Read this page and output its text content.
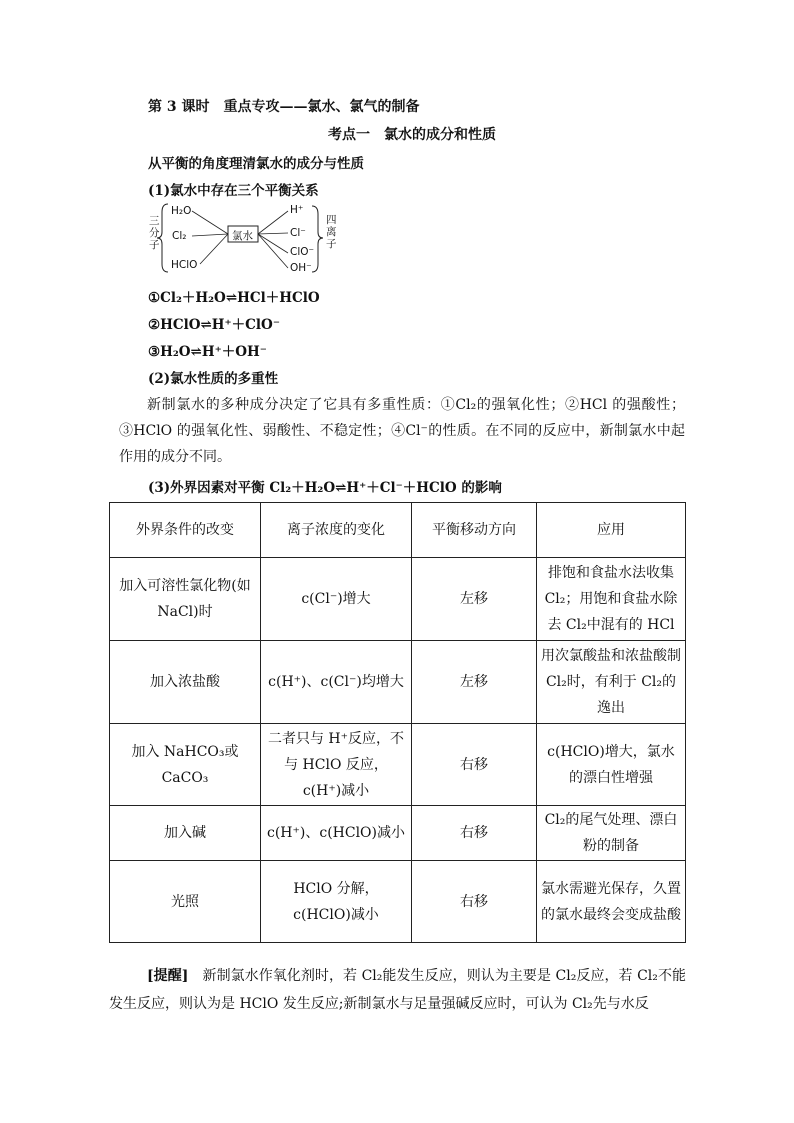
第 3 课时　重点专攻——氯水、氯气的制备
考点一　氯水的成分和性质
从平衡的角度理清氯水的成分与性质
(1)氯水中存在三个平衡关系
三分子
H₂O
Cl₂
HClO
氯水
H⁺
Cl⁻
ClO⁻
OH⁻
四离子
①Cl₂＋H₂O⇌HCl＋HClO
②HClO⇌H⁺＋ClO⁻
③H₂O⇌H⁺＋OH⁻
(2)氯水性质的多重性
新制氯水的多种成分决定了它具有多重性质：①Cl₂的强氧化性；②HCl 的强酸性；③HClO 的强氧化性、弱酸性、不稳定性；④Cl⁻的性质。在不同的反应中，新制氯水中起作用的成分不同。
(3)外界因素对平衡 Cl₂＋H₂O⇌H⁺＋Cl⁻＋HClO 的影响
外界条件的改变	离子浓度的变化	平衡移动方向	应用
加入可溶性氯化物(如NaCl)时	c(Cl⁻)增大	左移	排饱和食盐水法收集Cl₂；用饱和食盐水除去 Cl₂中混有的 HCl
加入浓盐酸	c(H⁺)、c(Cl⁻)均增大	左移	用次氯酸盐和浓盐酸制 Cl₂时，有利于 Cl₂的逸出
加入 NaHCO₃或CaCO₃	二者只与 H⁺反应，不与 HClO 反应，c(H⁺)减小	右移	c(HClO)增大，氯水的漂白性增强
加入碱	c(H⁺)、c(HClO)减小	右移	Cl₂的尾气处理、漂白粉的制备
光照	HClO 分解，c(HClO)减小	右移	氯水需避光保存，久置的氯水最终会变成盐酸
[提醒]　 新制氯水作氧化剂时，若 Cl₂能发生反应，则认为主要是 Cl₂反应，若 Cl₂不能发生反应，则认为是 HClO 发生反应;新制氯水与足量强碱反应时，可认为 Cl₂先与水反
